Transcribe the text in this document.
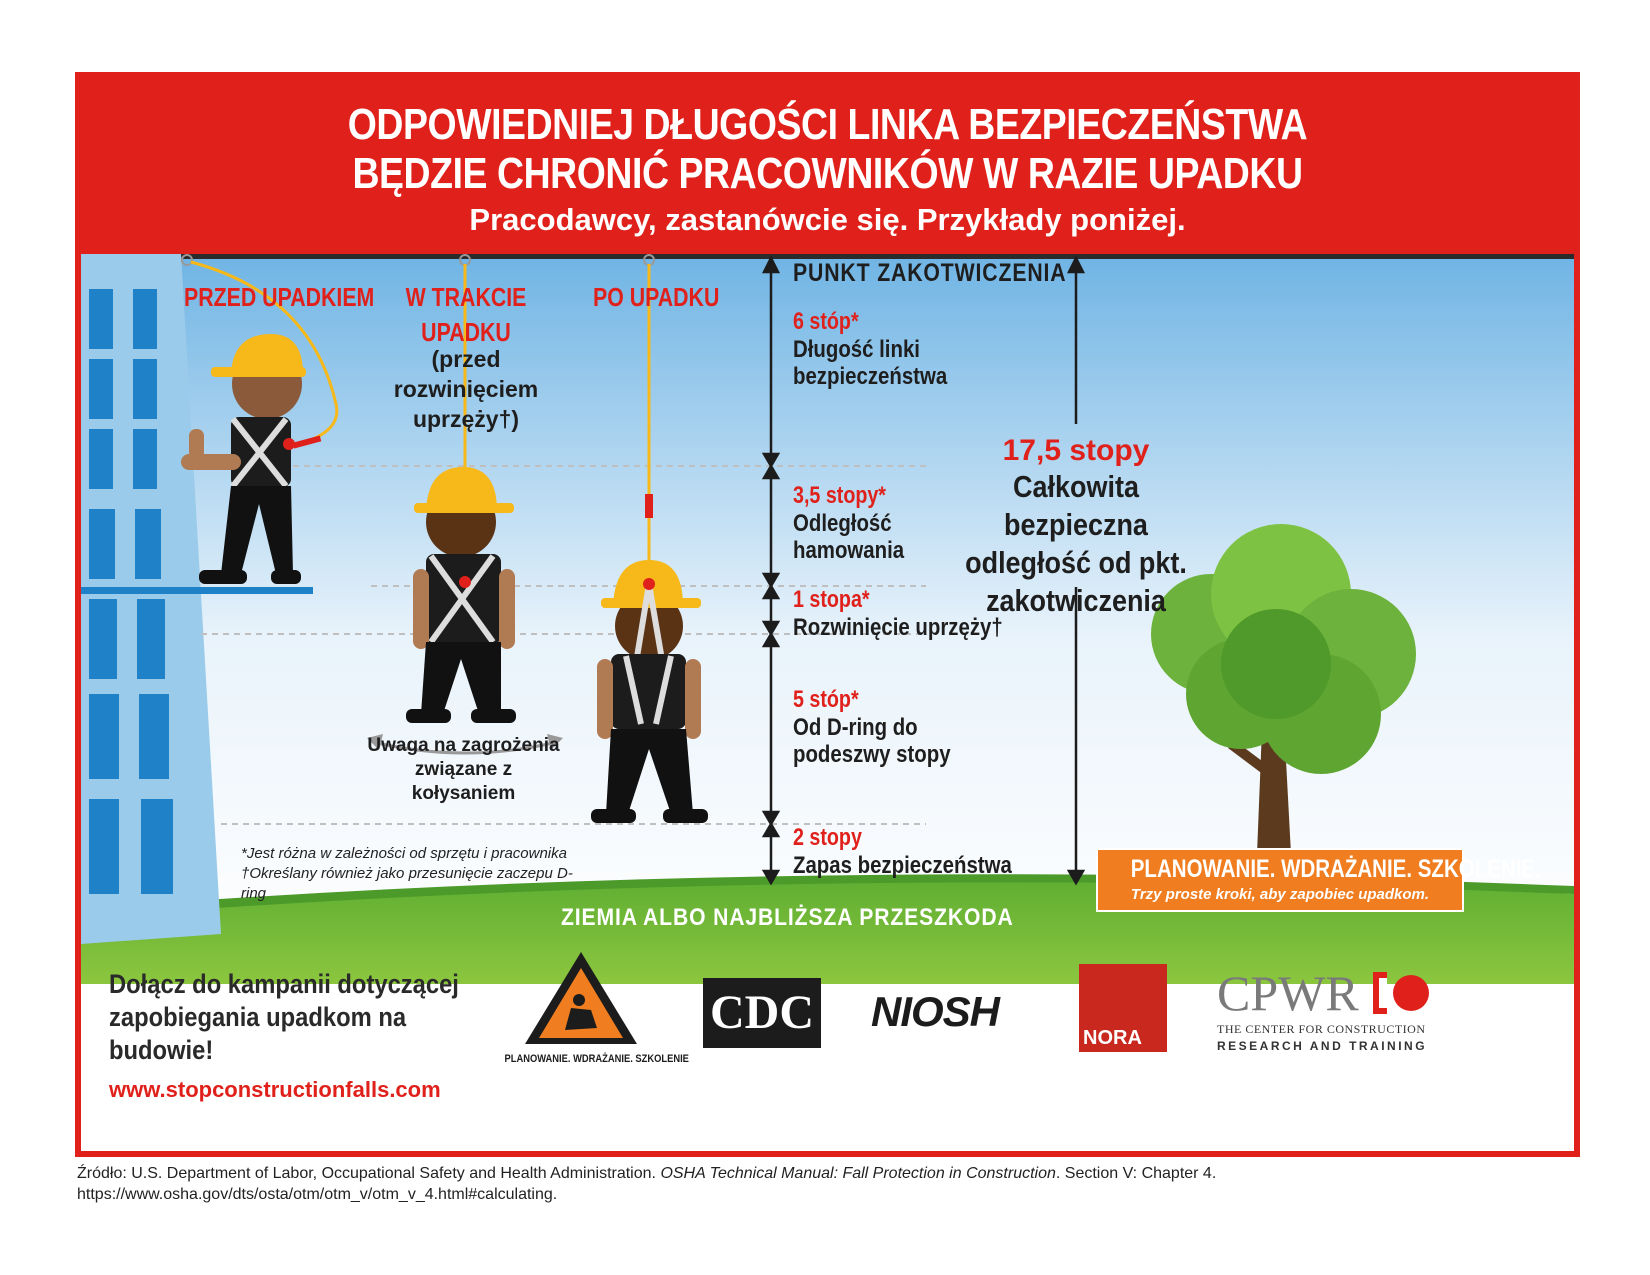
ODPOWIEDNIEJ DŁUGOŚCI LINKA BEZPIECZEŃSTWA
BĘDZIE CHRONIĆ PRACOWNIKÓW W RAZIE UPADKU
Pracodawcy, zastanówcie się. Przykłady poniżej.
PRZED UPADKIEM	W TRAKCIE
UPADKU
(przed rozwinięciem uprzęży†)
PO UPADKU
Uwaga na zagrożenia związane z kołysaniem
PUNKT ZAKOTWICZENIA
6 stóp*
Długość linki bezpieczeństwa
3,5 stopy*
Odległość hamowania
1 stopa*
Rozwinięcie uprzęży†
5 stóp*
Od D-ring do podeszwy stopy
2 stopy
Zapas bezpieczeństwa
17,5 stopy
Całkowita bezpieczna
odległość od pkt.
zakotwiczenia
*Jest różna w zależności od sprzętu i pracownika
†Określany również jako przesunięcie zaczepu D-ring
ZIEMIA ALBO NAJBLIŻSZA PRZESZKODA
PLANOWANIE. WDRAŻANIE. SZKOLENIE.
Trzy proste kroki, aby zapobiec upadkom.
Dołącz do kampanii dotyczącej
zapobiegania upadkom na budowie!
www.stopconstructionfalls.com
PLANOWANIE. WDRAŻANIE. SZKOLENIE
CDC NIOSH
NORA
CPWR
THE CENTER FOR CONSTRUCTION
RESEARCH AND TRAINING
Źródło: U.S. Department of Labor, Occupational Safety and Health Administration. OSHA Technical Manual: Fall Protection in Construction. Section V: Chapter 4. https://www.osha.gov/dts/osta/otm/otm_v/otm_v_4.html#calculating.
